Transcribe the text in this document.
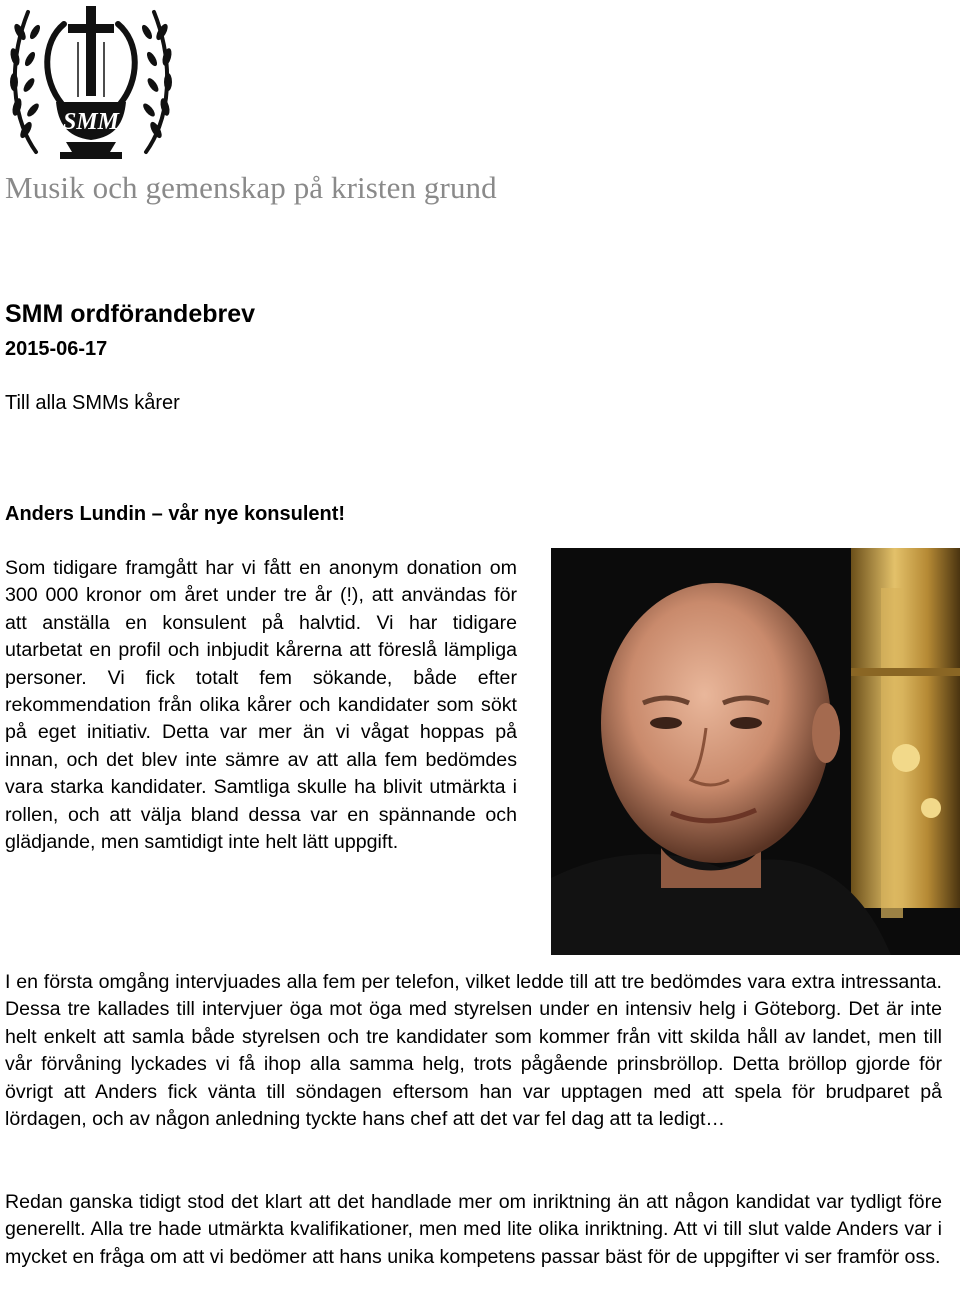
SMM
Musik och gemenskap på kristen grund
SMM ordförandebrev
2015-06-17
Till alla SMMs kårer
Anders Lundin – vår nye konsulent!

Som tidigare framgått har vi fått en anonym donation om 300 000 kronor om året under tre år (!), att användas för att anställa en konsulent på halvtid. Vi har tidigare utarbetat en profil och inbjudit kårerna att föreslå lämpliga personer. Vi fick totalt fem sökande, både efter rekommendation från olika kårer och kandidater som sökt på eget initiativ. Detta var mer än vi vågat hoppas på innan, och det blev inte sämre av att alla fem bedömdes vara starka kandidater. Samtliga skulle ha blivit utmärkta i rollen, och att välja bland dessa var en spännande och glädjande, men samtidigt inte helt lätt uppgift.

I en första omgång intervjuades alla fem per telefon, vilket ledde till att tre bedömdes vara extra intressanta. Dessa tre kallades till intervjuer öga mot öga med styrelsen under en intensiv helg i Göteborg. Det är inte helt enkelt att samla både styrelsen och tre kandidater som kommer från vitt skilda håll av landet, men till vår förvåning lyckades vi få ihop alla samma helg, trots pågående prinsbröllop. Detta bröllop gjorde för övrigt att Anders fick vänta till söndagen eftersom han var upptagen med att spela för brudparet på lördagen, och av någon anledning tyckte hans chef att det var fel dag att ta ledigt…

Redan ganska tidigt stod det klart att det handlade mer om inriktning än att någon kandidat var tydligt före generellt. Alla tre hade utmärkta kvalifikationer, men med lite olika inriktning. Att vi till slut valde Anders var i mycket en fråga om att vi bedömer att hans unika kompetens passar bäst för de uppgifter vi ser framför oss.
